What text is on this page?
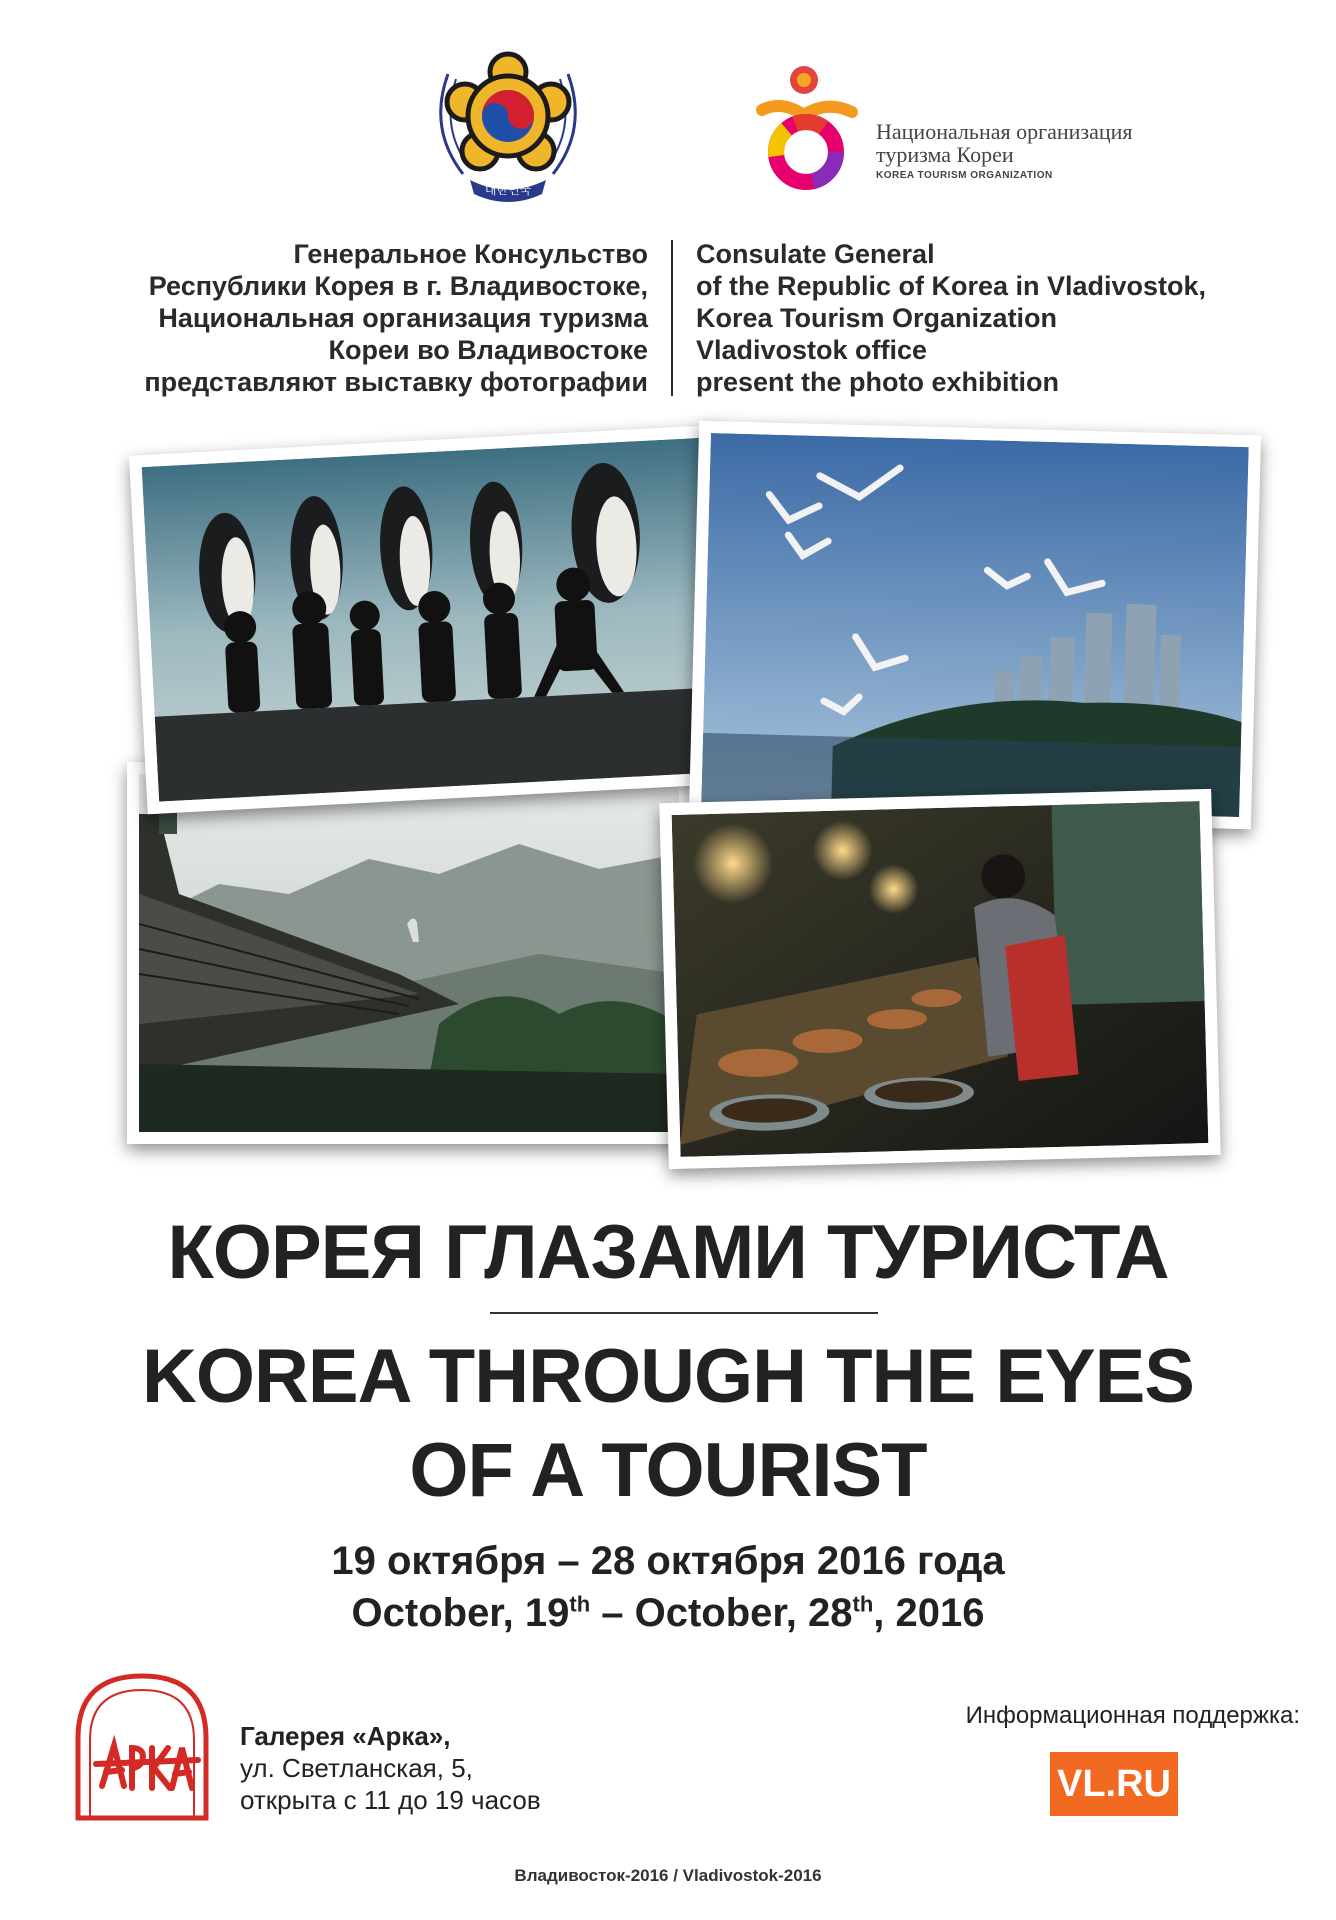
대한민국
Национальная организация
туризма Кореи
KOREA TOURISM ORGANIZATION
Генеральное Консульство
Республики Корея в г. Владивостоке,
Национальная организация туризма
Кореи во Владивостоке
представляют выставку фотографии
Consulate General
of the Republic of Korea in Vladivostok,
Korea Tourism Organization
Vladivostok office
present the photo exhibition
КОРЕЯ ГЛАЗАМИ ТУРИСТА
KOREA THROUGH THE EYES
OF A TOURIST
19 октября – 28 октября 2016 года
October, 19th – October, 28th, 2016
Галерея «Арка»,
ул. Светланская, 5,
открыта с 11 до 19 часов
Информационная поддержка:
VL.RU
Владивосток-2016 / Vladivostok-2016
